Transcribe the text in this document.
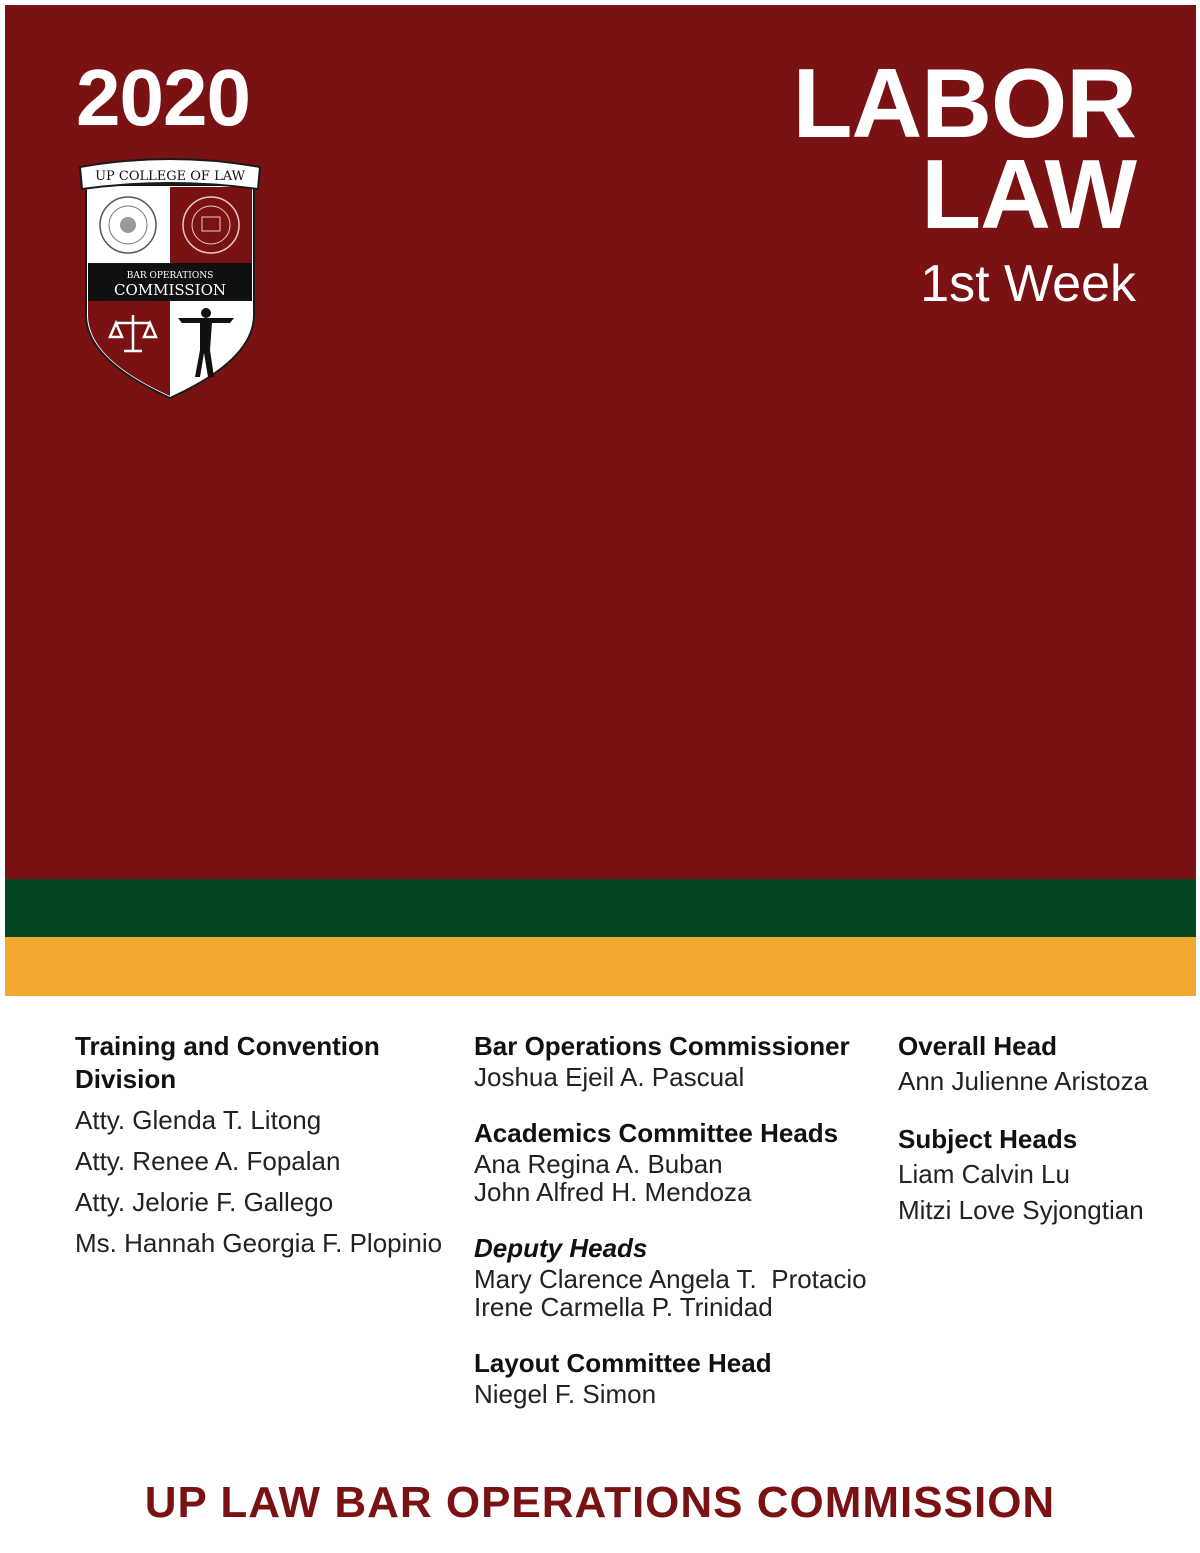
2020	LABOR
LAW
1st Week
UP COLLEGE OF LAW
BAR OPERATIONS
COMMISSION
Training and Convention Division
Atty. Glenda T. Litong
Atty. Renee A. Fopalan
Atty. Jelorie F. Gallego
Ms. Hannah Georgia F. Plopinio
Bar Operations Commissioner
Joshua Ejeil A. Pascual
Academics Committee Heads
Ana Regina A. Buban
John Alfred H. Mendoza
Deputy Heads
Mary Clarence Angela T.  Protacio
Irene Carmella P. Trinidad
Layout Committee Head
Niegel F. Simon
Overall Head
Ann Julienne Aristoza
Subject Heads
Liam Calvin Lu
Mitzi Love Syjongtian
UP LAW BAR OPERATIONS COMMISSION
